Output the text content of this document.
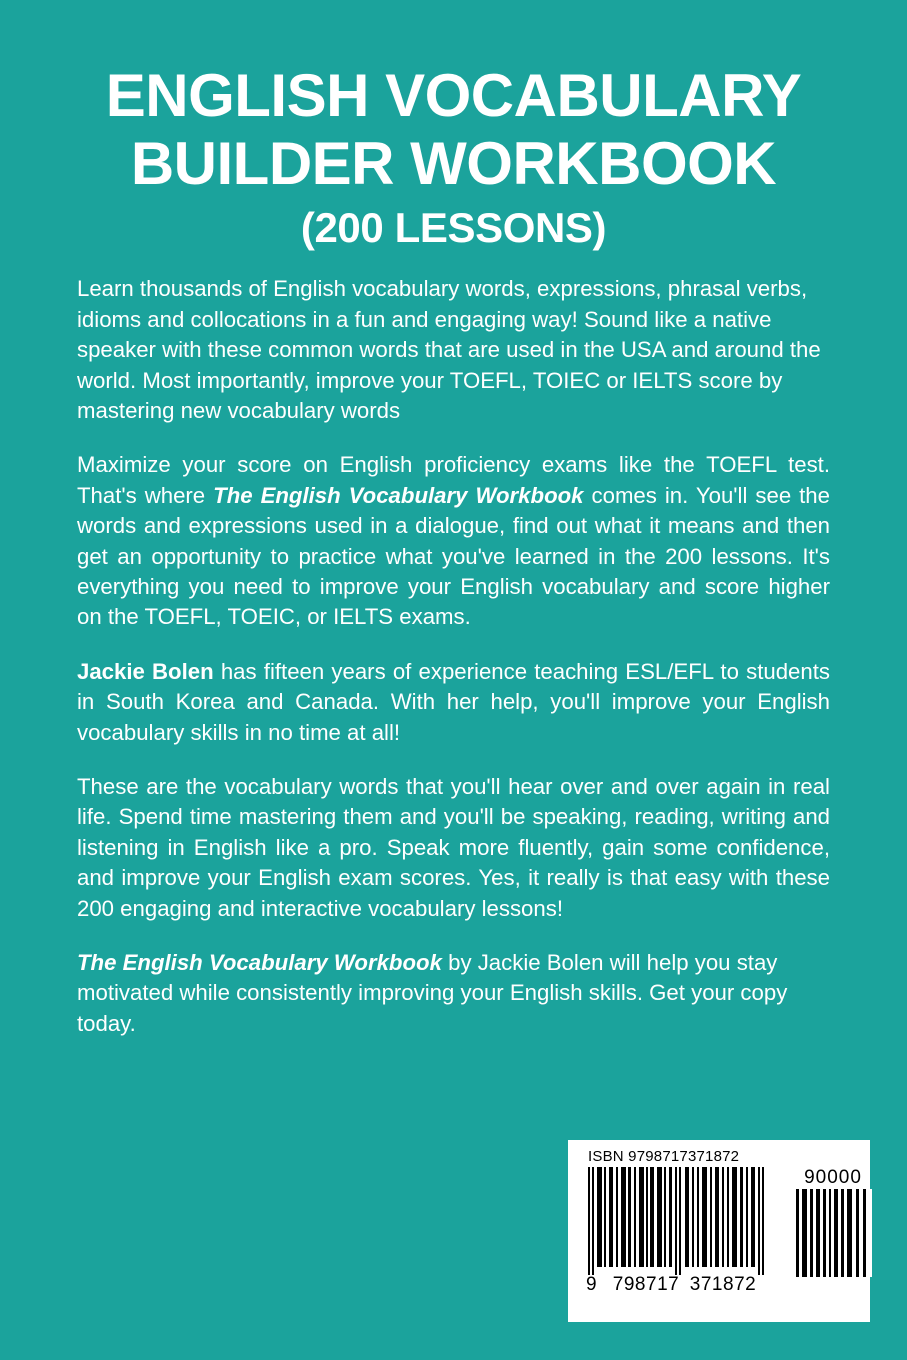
ENGLISH VOCABULARY
BUILDER WORKBOOK
(200 LESSONS)

Learn thousands of English vocabulary words, expressions, phrasal verbs, idioms and collocations in a fun and engaging way! Sound like a native speaker with these common words that are used in the USA and around the world. Most importantly, improve your TOEFL, TOIEC or IELTS score by mastering new vocabulary words

Maximize your score on English proficiency exams like the TOEFL test. That's where The English Vocabulary Workbook comes in. You'll see the words and expressions used in a dialogue, find out what it means and then get an opportunity to practice what you've learned in the 200 lessons. It's everything you need to improve your English vocabulary and score higher on the TOEFL, TOEIC, or IELTS exams.

Jackie Bolen has fifteen years of experience teaching ESL/EFL to students in South Korea and Canada. With her help, you'll improve your English vocabulary skills in no time at all!

These are the vocabulary words that you'll hear over and over again in real life. Spend time mastering them and you'll be speaking, reading, writing and listening in English like a pro. Speak more fluently, gain some confidence, and improve your English exam scores. Yes, it really is that easy with these 200 engaging and interactive vocabulary lessons!

The English Vocabulary Workbook by Jackie Bolen will help you stay motivated while consistently improving your English skills. Get your copy today.

ISBN 9798717371872
9 798717 371872
90000
